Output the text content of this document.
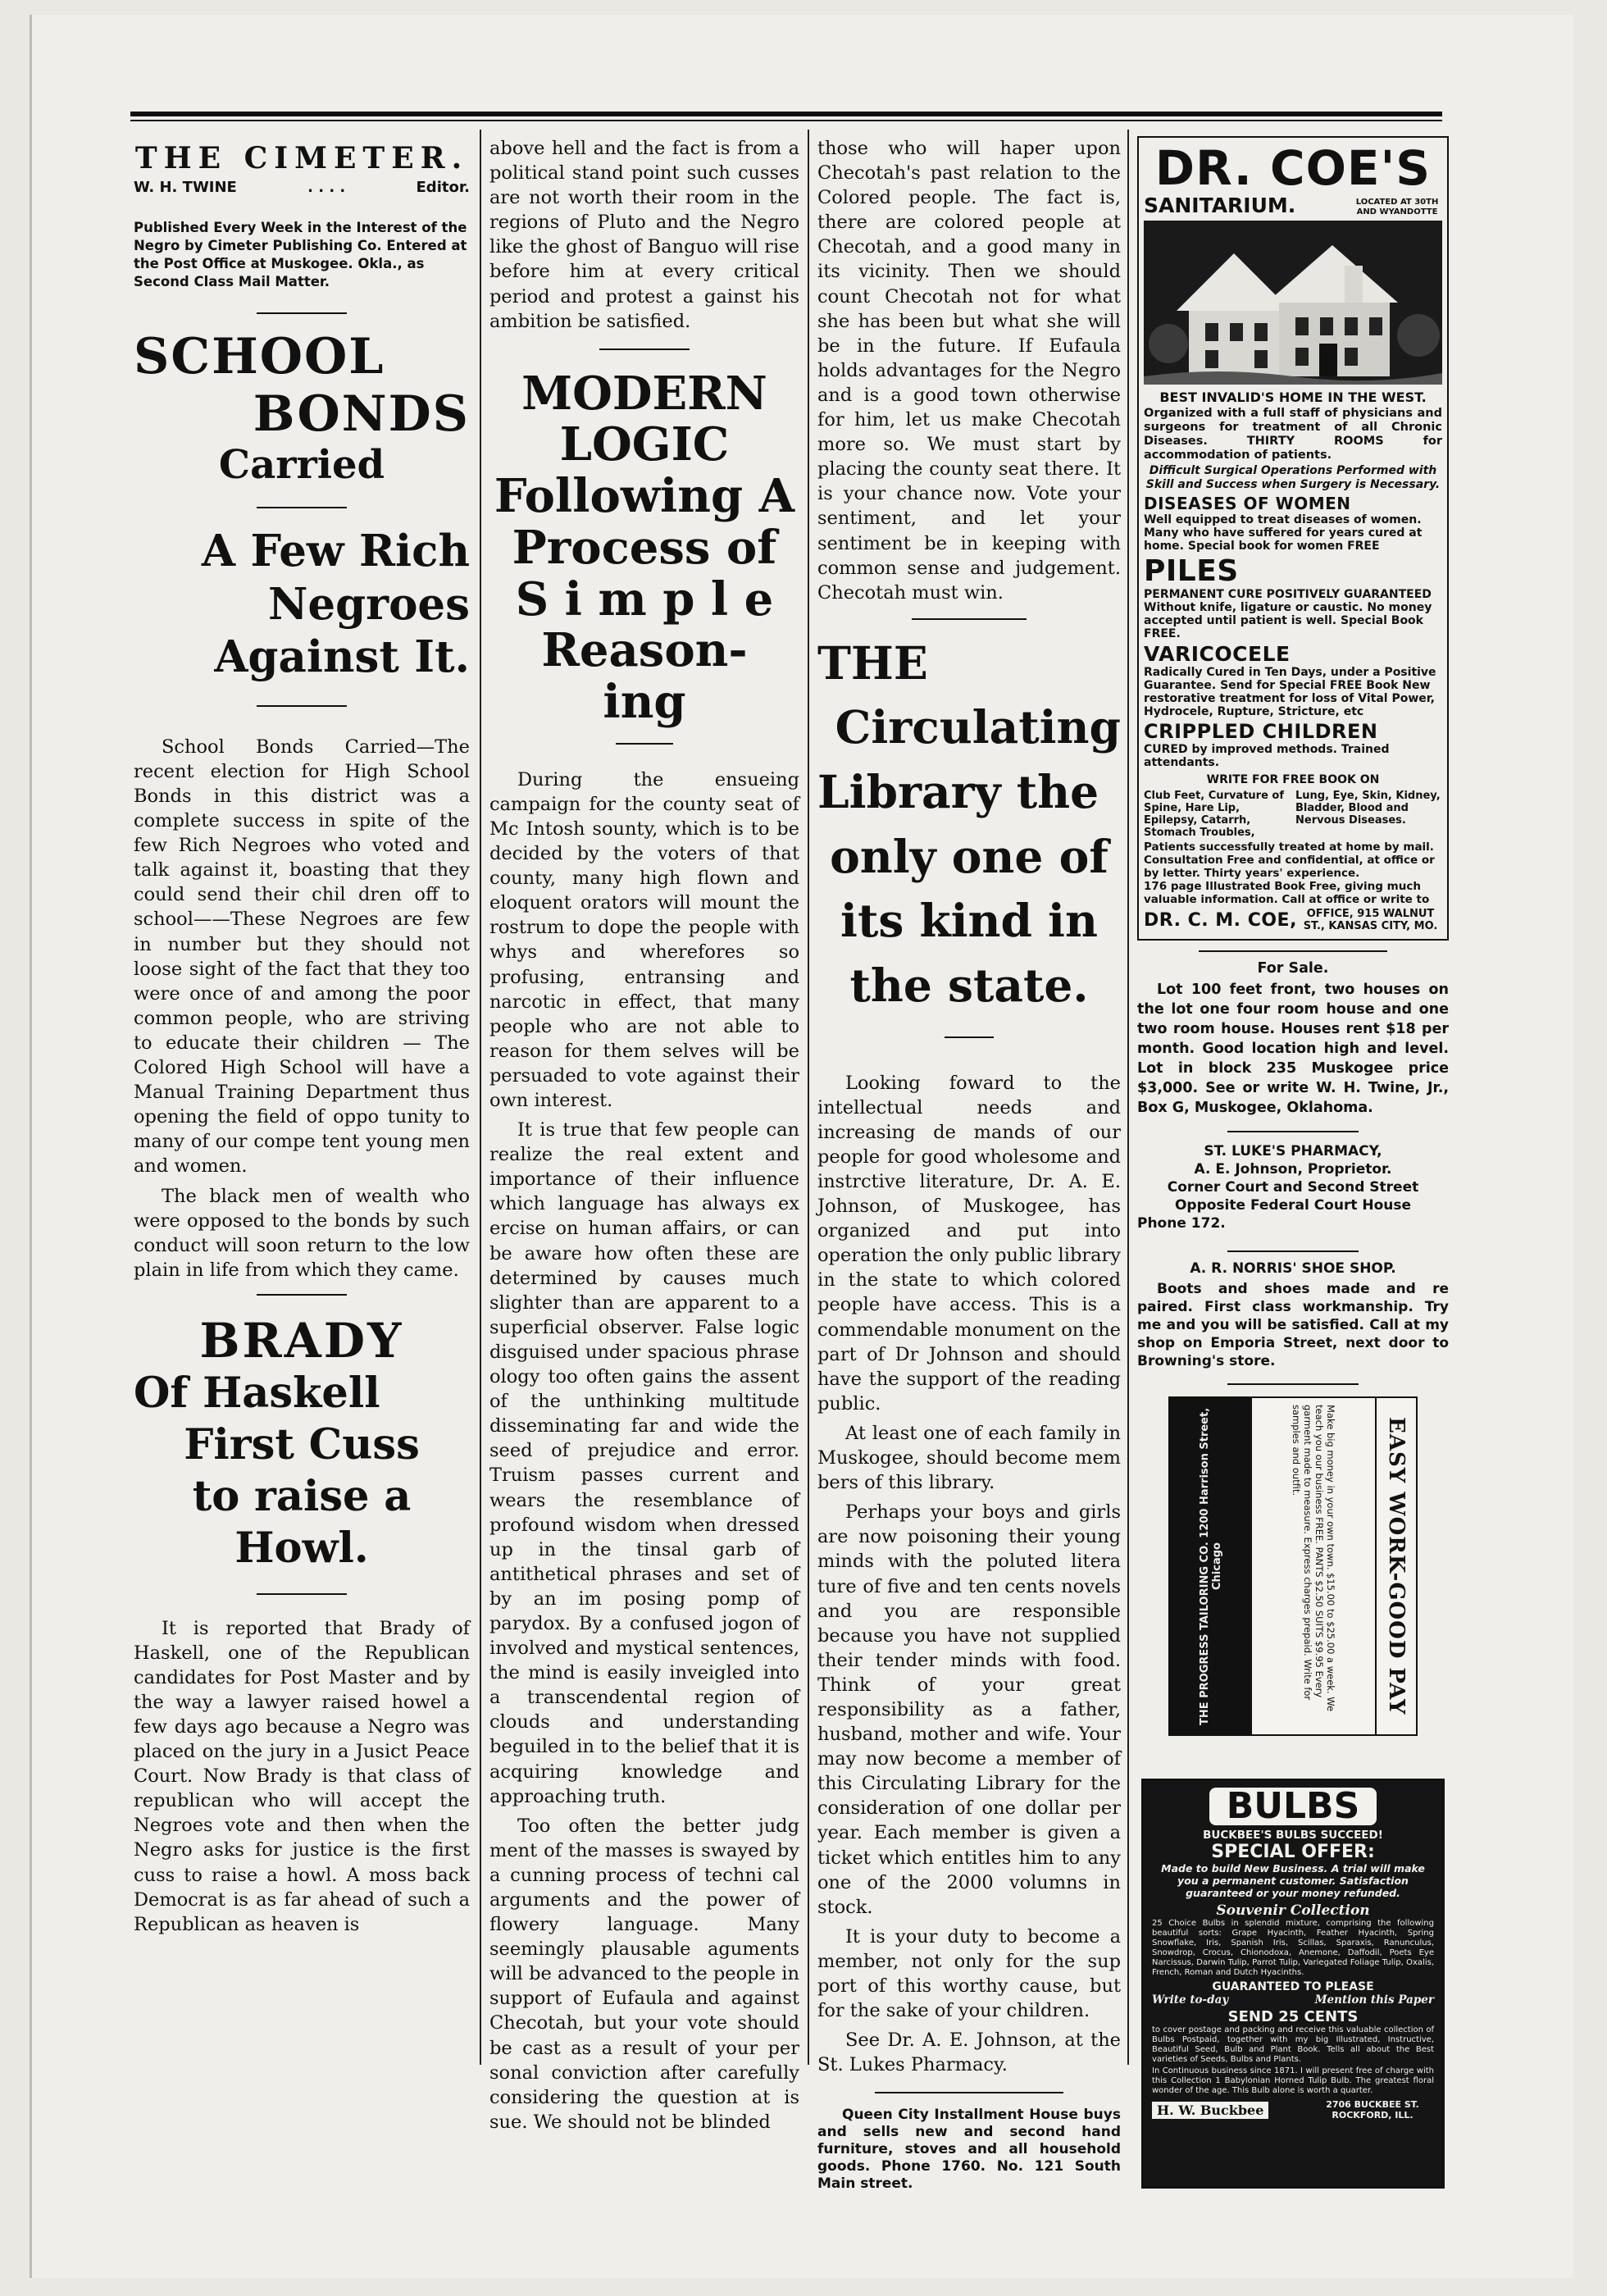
THE CIMETER.
W. H. TWINE	. . . .	Editor.

Published Every Week in the Interest of the Negro by Cimeter Publishing Co. Entered at the Post Office at Muskogee. Okla., as Second Class Mail Matter.

SCHOOL
BONDS
Carried
A Few Rich Negroes Against It.

School Bonds Carried—The recent election for High School Bonds in this district was a complete success in spite of the few Rich Negroes who voted and talk against it, boasting that they could send their chil dren off to school——These Negroes are few in number but they should not loose sight of the fact that they too were once of and among the poor common people, who are striving to educate their children — The Colored High School will have a Manual Training Department thus opening the field of oppo tunity to many of our compe tent young men and women.

The black men of wealth who were opposed to the bonds by such conduct will soon return to the low plain in life from which they came.

BRADY
Of Haskell
First Cuss
to raise a
Howl.

It is reported that Brady of Haskell, one of the Republican candidates for Post Master and by the way a lawyer raised howel a few days ago because a Negro was placed on the jury in a Jusict Peace Court. Now Brady is that class of republican who will accept the Negroes vote and then when the Negro asks for justice is the first cuss to raise a howl. A moss back Democrat is as far ahead of such a Republican as heaven is

above hell and the fact is from a political stand point such cusses are not worth their room in the regions of Pluto and the Negro like the ghost of Banguo will rise before him at every critical period and protest a gainst his ambition be satisfied.

MODERN
LOGIC
Following A
Process of
S i m p l e
Reason-
ing

During the ensueing campaign for the county seat of Mc Intosh sounty, which is to be decided by the voters of that county, many high flown and eloquent orators will mount the rostrum to dope the people with whys and wherefores so profusing, entransing and narcotic in effect, that many people who are not able to reason for them selves will be persuaded to vote against their own interest.

It is true that few people can realize the real extent and importance of their influence which language has always ex ercise on human affairs, or can be aware how often these are determined by causes much slighter than are apparent to a superficial observer. False logic disguised under spacious phrase ology too often gains the assent of the unthinking multitude disseminating far and wide the seed of prejudice and error. Truism passes current and wears the resemblance of profound wisdom when dressed up in the tinsal garb of antithetical phrases and set of by an im posing pomp of parydox. By a confused jogon of involved and mystical sentences, the mind is easily inveigled into a transcendental region of clouds and understanding beguiled in to the belief that it is acquiring knowledge and approaching truth.

Too often the better judg ment of the masses is swayed by a cunning process of techni cal arguments and the power of flowery language. Many seemingly plausable aguments will be advanced to the people in support of Eufaula and against Checotah, but your vote should be cast as a result of your per sonal conviction after carefully considering the question at is sue. We should not be blinded

those who will haper upon Checotah's past relation to the Colored people. The fact is, there are colored people at Checotah, and a good many in its vicinity. Then we should count Checotah not for what she has been but what she will be in the future. If Eufaula holds advantages for the Negro and is a good town otherwise for him, let us make Checotah more so. We must start by placing the county seat there. It is your chance now. Vote your sentiment, and let your sentiment be in keeping with common sense and judgement. Checotah must win.

THE
Circulating
Library the
only one of
its kind in
the state.

Looking foward to the intellectual needs and increasing de mands of our people for good wholesome and instrctive literature, Dr. A. E. Johnson, of Muskogee, has organized and put into operation the only public library in the state to which colored people have access. This is a commendable monument on the part of Dr Johnson and should have the support of the reading public.

At least one of each family in Muskogee, should become mem bers of this library.

Perhaps your boys and girls are now poisoning their young minds with the poluted litera ture of five and ten cents novels and you are responsible because you have not supplied their tender minds with food. Think of your great responsibility as a father, husband, mother and wife. Your may now become a member of this Circulating Library for the consideration of one dollar per year. Each member is given a ticket which entitles him to any one of the 2000 volumns in stock.

It is your duty to become a member, not only for the sup port of this worthy cause, but for the sake of your children.

See Dr. A. E. Johnson, at the St. Lukes Pharmacy.

Queen City Installment House buys and sells new and second hand furniture, stoves and all household goods. Phone 1760. No. 121 South Main street.

DR. COE'S
SANITARIUM.	LOCATED AT 30TH AND WYANDOTTE

BEST INVALID'S HOME IN THE WEST.

Organized with a full staff of physicians and surgeons for treatment of all Chronic Diseases. THIRTY ROOMS for accommodation of patients.

Difficult Surgical Operations Performed with Skill and Success when Surgery is Necessary.

DISEASES OF WOMEN

Well equipped to treat diseases of women. Many who have suffered for years cured at home. Special book for women FREE

PILES

PERMANENT CURE POSITIVELY GUARANTEED Without knife, ligature or caustic. No money accepted until patient is well. Special Book FREE.

VARICOCELE

Radically Cured in Ten Days, under a Positive Guarantee. Send for Special FREE Book New restorative treatment for loss of Vital Power, Hydrocele, Rupture, Stricture, etc

CRIPPLED CHILDREN

CURED by improved methods. Trained attendants.

WRITE FOR FREE BOOK ON

Club Feet, Curvature of Spine, Hare Lip, Epilepsy, Catarrh, Stomach Troubles,

Lung, Eye, Skin, Kidney, Bladder, Blood and Nervous Diseases.

Patients successfully treated at home by mail. Consultation Free and confidential, at office or by letter. Thirty years' experience.

176 page Illustrated Book Free, giving much valuable information. Call at office or write to

DR. C. M. COE, OFFICE, 915 WALNUT ST., KANSAS CITY, MO.
For Sale.

Lot 100 feet front, two houses on the lot one four room house and one two room house. Houses rent $18 per month. Good location high and level. Lot in block 235 Muskogee price $3,000. See or write W. H. Twine, Jr., Box G, Muskogee, Oklahoma.

ST. LUKE'S PHARMACY,

A. E. Johnson, Proprietor.

Corner Court and Second Street

Opposite Federal Court House

Phone 172.

A. R. NORRIS' SHOE SHOP.

Boots and shoes made and re paired. First class workmanship. Try me and you will be satisfied. Call at my shop on Emporia Street, next door to Browning's store.

THE PROGRESS TAILORING CO. 1200 Harrison Street, Chicago	Make big money in your own town. $15.00 to $25.00 a week. We teach you our business FREE. PANTS $2.50 SUITS $9.95 Every garment made to measure. Express charges prepaid. Write for samples and outfit.	EASY WORK-GOOD PAY
BULBS
BUCKBEE'S BULBS SUCCEED!
SPECIAL OFFER:
Made to build New Business. A trial will make you a permanent customer. Satisfaction guaranteed or your money refunded.
Souvenir Collection
25 Choice Bulbs in splendid mixture, comprising the following beautiful sorts: Grape Hyacinth, Feather Hyacinth, Spring Snowflake, Iris, Spanish Iris, Scillas, Sparaxis, Ranunculus, Snowdrop, Crocus, Chionodoxa, Anemone, Daffodil, Poets Eye Narcissus, Darwin Tulip, Parrot Tulip, Variegated Foliage Tulip, Oxalis, French, Roman and Dutch Hyacinths.
GUARANTEED TO PLEASE
Write to-day	Mention this Paper
SEND 25 CENTS
to cover postage and packing and receive this valuable collection of Bulbs Postpaid, together with my big Illustrated, Instructive, Beautiful Seed, Bulb and Plant Book. Tells all about the Best varieties of Seeds, Bulbs and Plants.
In Continuous business since 1871. I will present free of charge with this Collection 1 Babylonian Horned Tulip Bulb. The greatest floral wonder of the age. This Bulb alone is worth a quarter.
H. W. Buckbee	2706 BUCKBEE ST. ROCKFORD, ILL.
